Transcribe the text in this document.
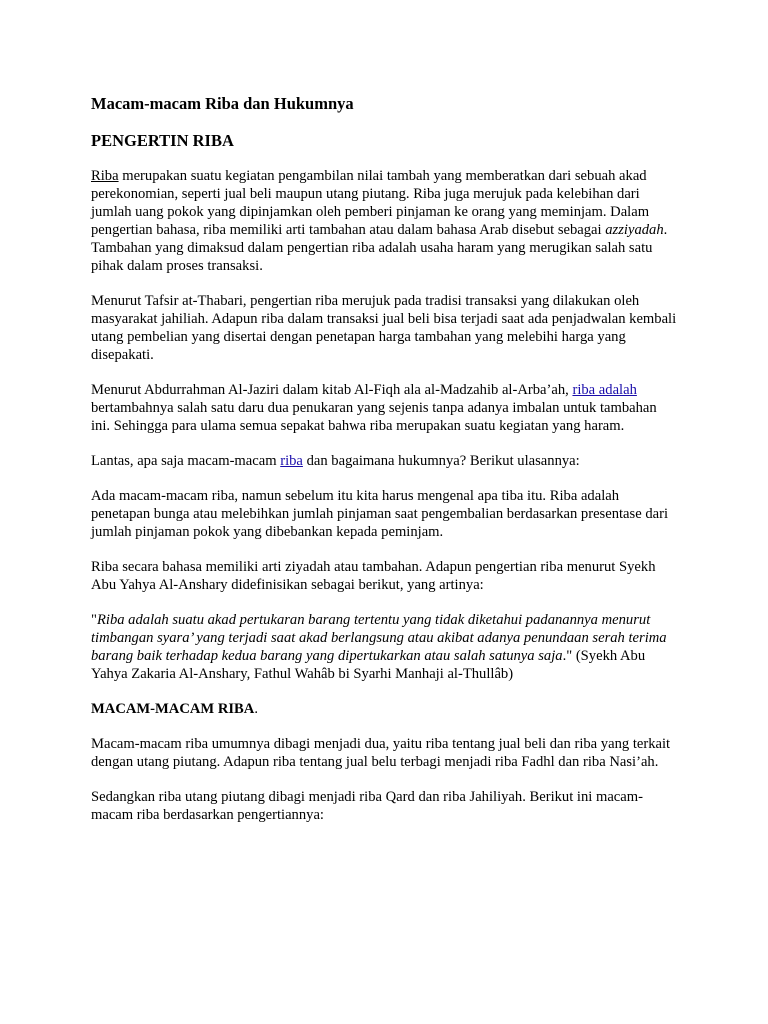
Macam-macam Riba dan Hukumnya
PENGERTIN RIBA

Riba merupakan suatu kegiatan pengambilan nilai tambah yang memberatkan dari sebuah akad perekonomian, seperti jual beli maupun utang piutang. Riba juga merujuk pada kelebihan dari jumlah uang pokok yang dipinjamkan oleh pemberi pinjaman ke orang yang meminjam. Dalam pengertian bahasa, riba memiliki arti tambahan atau dalam bahasa Arab disebut sebagai azziyadah. Tambahan yang dimaksud dalam pengertian riba adalah usaha haram yang merugikan salah satu pihak dalam proses transaksi.

Menurut Tafsir at-Thabari, pengertian riba merujuk pada tradisi transaksi yang dilakukan oleh masyarakat jahiliah. Adapun riba dalam transaksi jual beli bisa terjadi saat ada penjadwalan kembali utang pembelian yang disertai dengan penetapan harga tambahan yang melebihi harga yang disepakati.

Menurut Abdurrahman Al-Jaziri dalam kitab Al-Fiqh ala al-Madzahib al-Arba’ah, riba adalah bertambahnya salah satu daru dua penukaran yang sejenis tanpa adanya imbalan untuk tambahan ini. Sehingga para ulama semua sepakat bahwa riba merupakan suatu kegiatan yang haram.

Lantas, apa saja macam-macam riba dan bagaimana hukumnya? Berikut ulasannya:

Ada macam-macam riba, namun sebelum itu kita harus mengenal apa tiba itu. Riba adalah penetapan bunga atau melebihkan jumlah pinjaman saat pengembalian berdasarkan presentase dari jumlah pinjaman pokok yang dibebankan kepada peminjam.

Riba secara bahasa memiliki arti ziyadah atau tambahan. Adapun pengertian riba menurut Syekh Abu Yahya Al-Anshary didefinisikan sebagai berikut, yang artinya:

"Riba adalah suatu akad pertukaran barang tertentu yang tidak diketahui padanannya menurut timbangan syara’ yang terjadi saat akad berlangsung atau akibat adanya penundaan serah terima barang baik terhadap kedua barang yang dipertukarkan atau salah satunya saja." (Syekh Abu Yahya Zakaria Al-Anshary, Fathul Wahâb bi Syarhi Manhaji al-Thullâb)

MACAM-MACAM RIBA.

Macam-macam riba umumnya dibagi menjadi dua, yaitu riba tentang jual beli dan riba yang terkait dengan utang piutang. Adapun riba tentang jual belu terbagi menjadi riba Fadhl dan riba Nasi’ah.

Sedangkan riba utang piutang dibagi menjadi riba Qard dan riba Jahiliyah. Berikut ini macam-macam riba berdasarkan pengertiannya:
